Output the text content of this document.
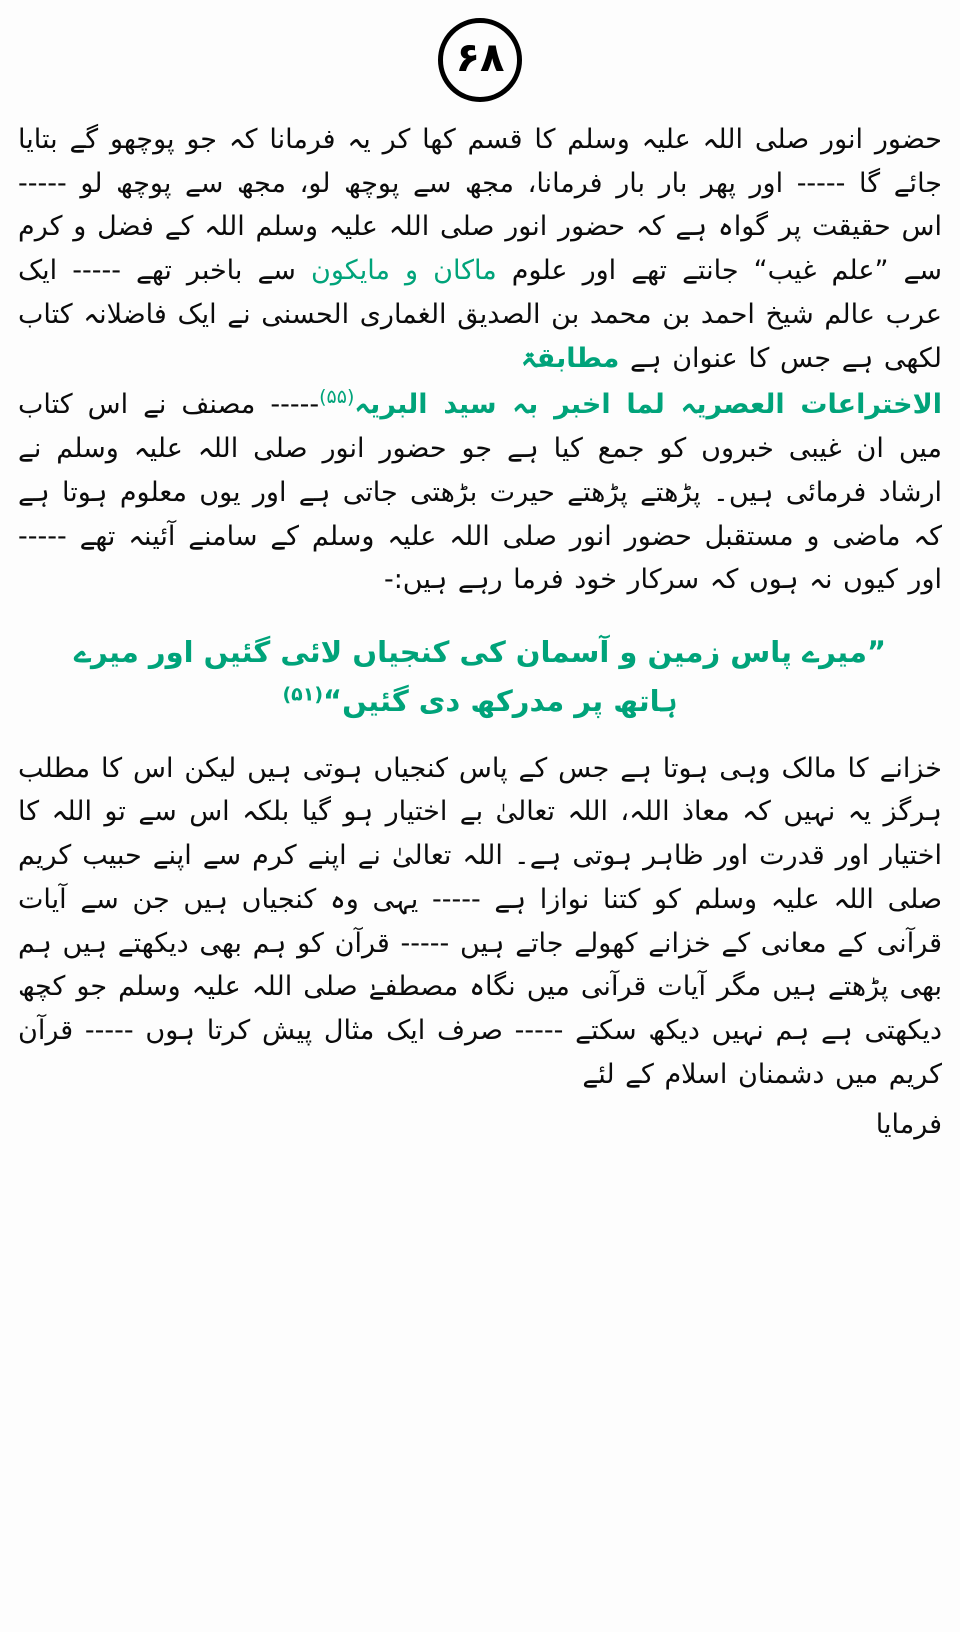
۶۸

حضور انور صلی اللہ علیہ وسلم کا قسم کھا کر یہ فرمانا کہ جو پوچھو گے بتایا جائے گا ----- اور پھر بار بار فرمانا، مجھ سے پوچھ لو، مجھ سے پوچھ لو ----- اس حقیقت پر گواہ ہے کہ حضور انور صلی اللہ علیہ وسلم اللہ کے فضل و کرم سے ”علم غیب“ جانتے تھے اور علوم ماکان و مایکون سے باخبر تھے ----- ایک عرب عالم شیخ احمد بن محمد بن الصدیق الغماری الحسنی نے ایک فاضلانہ کتاب لکھی ہے جس کا عنوان ہے مطابقۃ

الاختراعات العصریہ لما اخبر بہ سید البریہ$^{(۵۵)}$----- مصنف نے اس کتاب میں ان غیبی خبروں کو جمع کیا ہے جو حضور انور صلی اللہ علیہ وسلم نے ارشاد فرمائی ہیں۔ پڑھتے پڑھتے حیرت بڑھتی جاتی ہے اور یوں معلوم ہوتا ہے کہ ماضی و مستقبل حضور انور صلی اللہ علیہ وسلم کے سامنے آئینہ تھے ----- اور کیوں نہ ہوں کہ سرکار خود فرما رہے ہیں:-

”میرے پاس زمین و آسمان کی کنجیاں لائی گئیں اور میرے
ہاتھ پر مدرکھ دی گئیں“$^{(۵۱)}$

خزانے کا مالک وہی ہوتا ہے جس کے پاس کنجیاں ہوتی ہیں لیکن اس کا مطلب ہرگز یہ نہیں کہ معاذ اللہ، اللہ تعالیٰ بے اختیار ہو گیا بلکہ اس سے تو اللہ کا اختیار اور قدرت اور ظاہر ہوتی ہے۔ اللہ تعالیٰ نے اپنے کرم سے اپنے حبیب کریم صلی اللہ علیہ وسلم کو کتنا نوازا ہے ----- یہی وہ کنجیاں ہیں جن سے آیات قرآنی کے معانی کے خزانے کھولے جاتے ہیں ----- قرآن کو ہم بھی دیکھتے ہیں ہم بھی پڑھتے ہیں مگر آیات قرآنی میں نگاہ مصطفےٰ صلی اللہ علیہ وسلم جو کچھ دیکھتی ہے ہم نہیں دیکھ سکتے ----- صرف ایک مثال پیش کرتا ہوں ----- قرآن کریم میں دشمنان اسلام کے لئے

فرمایا
